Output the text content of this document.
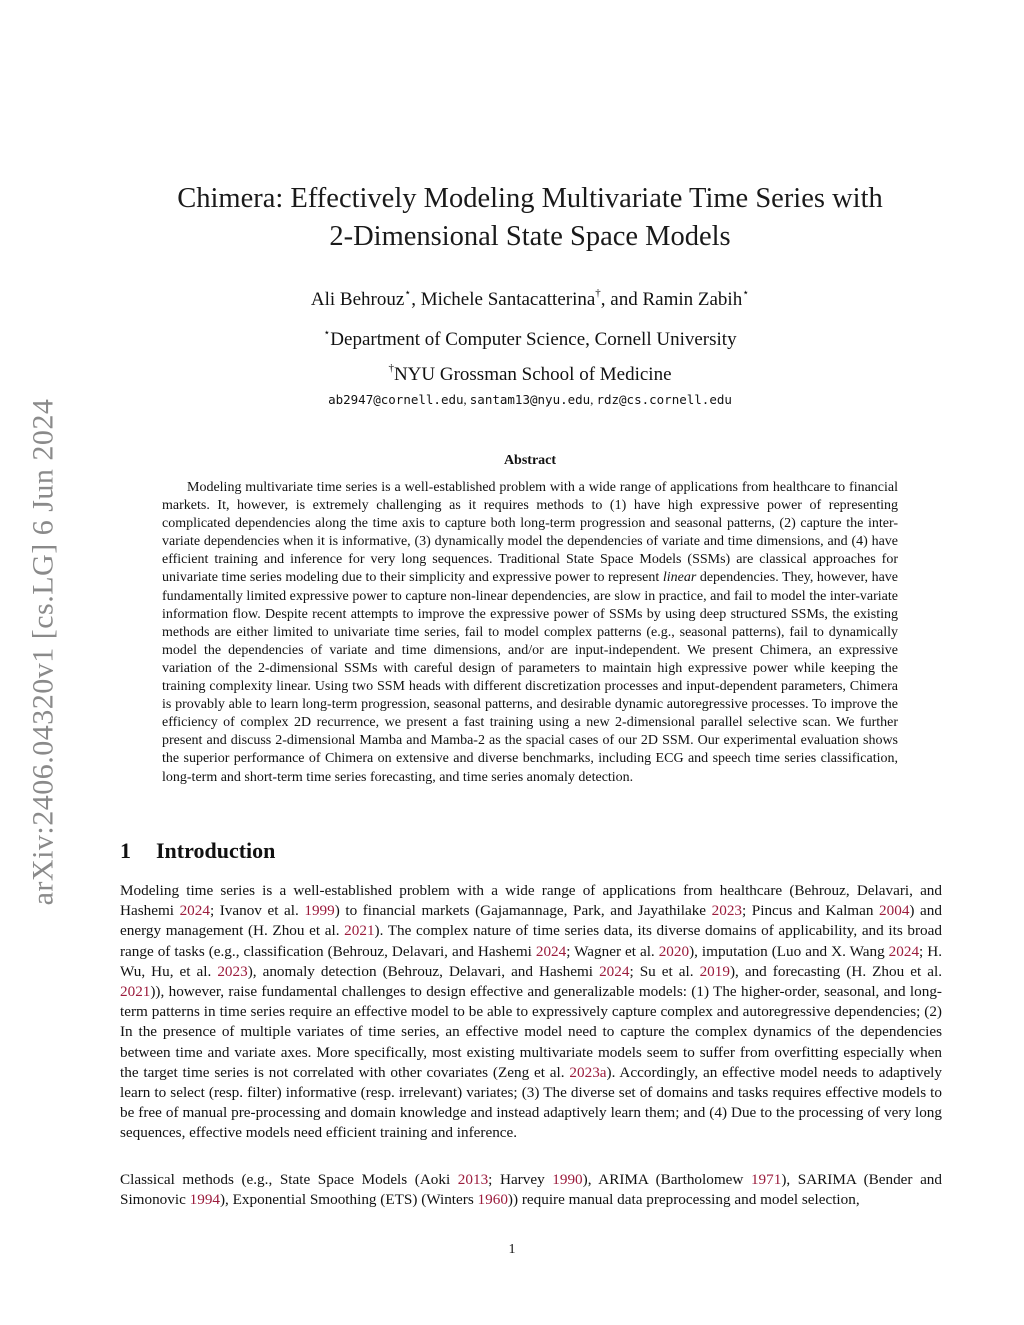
arXiv:2406.04320v1 [cs.LG] 6 Jun 2024
Chimera: Effectively Modeling Multivariate Time Series with
2-Dimensional State Space Models
Ali Behrouz⋆, Michele Santacatterina†, and Ramin Zabih⋆
⋆Department of Computer Science, Cornell University
†NYU Grossman School of Medicine
ab2947@cornell.edu, santam13@nyu.edu, rdz@cs.cornell.edu
Abstract

Modeling multivariate time series is a well-established problem with a wide range of applications from healthcare to financial markets. It, however, is extremely challenging as it requires methods to (1) have high expressive power of representing complicated dependencies along the time axis to capture both long-term progression and seasonal patterns, (2) capture the inter-variate dependencies when it is informative, (3) dynamically model the dependencies of variate and time dimensions, and (4) have efficient training and inference for very long sequences. Traditional State Space Models (SSMs) are classical approaches for univariate time series modeling due to their simplicity and expressive power to represent linear dependencies. They, however, have fundamentally limited expressive power to capture non-linear dependencies, are slow in practice, and fail to model the inter-variate information flow. Despite recent attempts to improve the expressive power of SSMs by using deep structured SSMs, the existing methods are either limited to univariate time series, fail to model complex patterns (e.g., seasonal patterns), fail to dynamically model the dependencies of variate and time dimensions, and/or are input-independent. We present Chimera, an expressive variation of the 2-dimensional SSMs with careful design of parameters to maintain high expressive power while keeping the training complexity linear. Using two SSM heads with different discretization processes and input-dependent parameters, Chimera is provably able to learn long-term progression, seasonal patterns, and desirable dynamic autoregressive processes. To improve the efficiency of complex 2D recurrence, we present a fast training using a new 2-dimensional parallel selective scan. We further present and discuss 2-dimensional Mamba and Mamba-2 as the spacial cases of our 2D SSM. Our experimental evaluation shows the superior performance of Chimera on extensive and diverse benchmarks, including ECG and speech time series classification, long-term and short-term time series forecasting, and time series anomaly detection.

1 Introduction

Modeling time series is a well-established problem with a wide range of applications from healthcare (Behrouz, Delavari, and Hashemi 2024; Ivanov et al. 1999) to financial markets (Gajamannage, Park, and Jayathilake 2023; Pincus and Kalman 2004) and energy management (H. Zhou et al. 2021). The complex nature of time series data, its diverse domains of applicability, and its broad range of tasks (e.g., classification (Behrouz, Delavari, and Hashemi 2024; Wagner et al. 2020), imputation (Luo and X. Wang 2024; H. Wu, Hu, et al. 2023), anomaly detection (Behrouz, Delavari, and Hashemi 2024; Su et al. 2019), and forecasting (H. Zhou et al. 2021)), however, raise fundamental challenges to design effective and generalizable models: (1) The higher-order, seasonal, and long-term patterns in time series require an effective model to be able to expressively capture complex and autoregressive dependencies; (2) In the presence of multiple variates of time series, an effective model need to capture the complex dynamics of the dependencies between time and variate axes. More specifically, most existing multivariate models seem to suffer from overfitting especially when the target time series is not correlated with other covariates (Zeng et al. 2023a). Accordingly, an effective model needs to adaptively learn to select (resp. filter) informative (resp. irrelevant) variates; (3) The diverse set of domains and tasks requires effective models to be free of manual pre-processing and domain knowledge and instead adaptively learn them; and (4) Due to the processing of very long sequences, effective models need efficient training and inference.

Classical methods (e.g., State Space Models (Aoki 2013; Harvey 1990), ARIMA (Bartholomew 1971), SARIMA (Bender and Simonovic 1994), Exponential Smoothing (ETS) (Winters 1960)) require manual data preprocessing and model selection,

1
